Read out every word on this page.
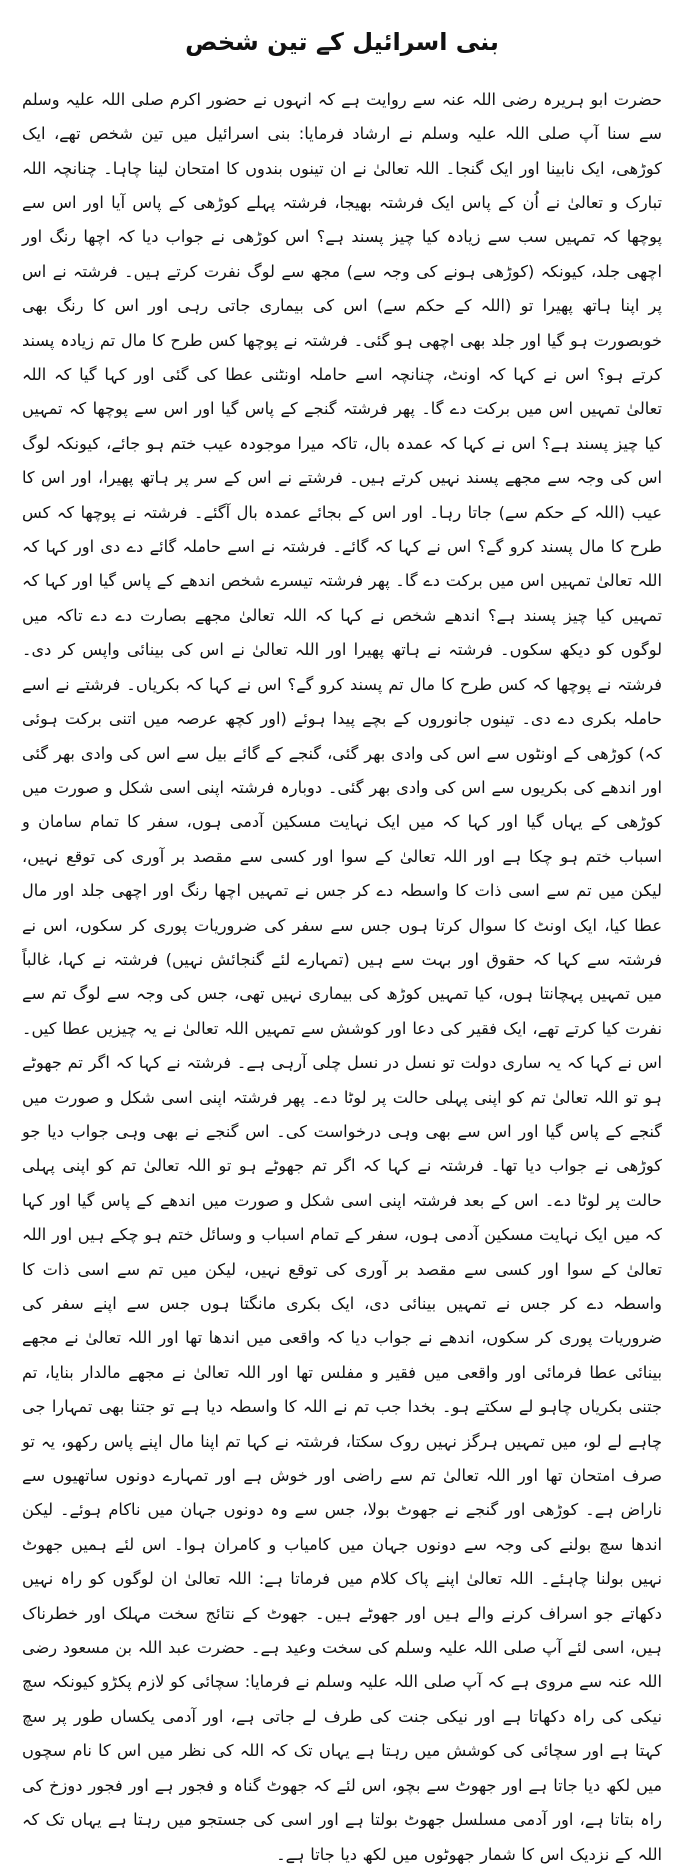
بنی اسرائیل کے تین شخص

حضرت ابو ہریرہ رضی اللہ عنہ سے روایت ہے کہ انہوں نے حضور اکرم صلی اللہ علیہ وسلم سے سنا آپ صلی اللہ علیہ وسلم نے ارشاد فرمایا: بنی اسرائیل میں تین شخص تھے، ایک کوڑھی، ایک نابینا اور ایک گنجا۔ اللہ تعالیٰ نے ان تینوں بندوں کا امتحان لینا چاہا۔ چنانچہ اللہ تبارک و تعالیٰ نے اُن کے پاس ایک فرشتہ بھیجا، فرشتہ پہلے کوڑھی کے پاس آیا اور اس سے پوچھا کہ تمہیں سب سے زیادہ کیا چیز پسند ہے؟ اس کوڑھی نے جواب دیا کہ اچھا رنگ اور اچھی جلد، کیونکہ (کوڑھی ہونے کی وجہ سے) مجھ سے لوگ نفرت کرتے ہیں۔ فرشتہ نے اس پر اپنا ہاتھ پھیرا تو (اللہ کے حکم سے) اس کی بیماری جاتی رہی اور اس کا رنگ بھی خوبصورت ہو گیا اور جلد بھی اچھی ہو گئی۔ فرشتہ نے پوچھا کس طرح کا مال تم زیادہ پسند کرتے ہو؟ اس نے کہا کہ اونٹ، چنانچہ اسے حاملہ اونٹنی عطا کی گئی اور کہا گیا کہ اللہ تعالیٰ تمہیں اس میں برکت دے گا۔ پھر فرشتہ گنجے کے پاس گیا اور اس سے پوچھا کہ تمہیں کیا چیز پسند ہے؟ اس نے کہا کہ عمدہ بال، تاکہ میرا موجودہ عیب ختم ہو جائے، کیونکہ لوگ اس کی وجہ سے مجھے پسند نہیں کرتے ہیں۔ فرشتے نے اس کے سر پر ہاتھ پھیرا، اور اس کا عیب (اللہ کے حکم سے) جاتا رہا۔ اور اس کے بجائے عمدہ بال آگئے۔ فرشتہ نے پوچھا کہ کس طرح کا مال پسند کرو گے؟ اس نے کہا کہ گائے۔ فرشتہ نے اسے حاملہ گائے دے دی اور کہا کہ اللہ تعالیٰ تمہیں اس میں برکت دے گا۔ پھر فرشتہ تیسرے شخص اندھے کے پاس گیا اور کہا کہ تمہیں کیا چیز پسند ہے؟ اندھے شخص نے کہا کہ اللہ تعالیٰ مجھے بصارت دے دے تاکہ میں لوگوں کو دیکھ سکوں۔ فرشتہ نے ہاتھ پھیرا اور اللہ تعالیٰ نے اس کی بینائی واپس کر دی۔ فرشتہ نے پوچھا کہ کس طرح کا مال تم پسند کرو گے؟ اس نے کہا کہ بکریاں۔ فرشتے نے اسے حاملہ بکری دے دی۔ تینوں جانوروں کے بچے پیدا ہوئے (اور کچھ عرصہ میں اتنی برکت ہوئی کہ) کوڑھی کے اونٹوں سے اس کی وادی بھر گئی، گنجے کے گائے بیل سے اس کی وادی بھر گئی اور اندھے کی بکریوں سے اس کی وادی بھر گئی۔ دوبارہ فرشتہ اپنی اسی شکل و صورت میں کوڑھی کے یہاں گیا اور کہا کہ میں ایک نہایت مسکین آدمی ہوں، سفر کا تمام سامان و اسباب ختم ہو چکا ہے اور اللہ تعالیٰ کے سوا اور کسی سے مقصد بر آوری کی توقع نہیں، لیکن میں تم سے اسی ذات کا واسطہ دے کر جس نے تمہیں اچھا رنگ اور اچھی جلد اور مال عطا کیا، ایک اونٹ کا سوال کرتا ہوں جس سے سفر کی ضروریات پوری کر سکوں، اس نے فرشتہ سے کہا کہ حقوق اور بہت سے ہیں (تمہارے لئے گنجائش نہیں) فرشتہ نے کہا، غالباً میں تمہیں پہچانتا ہوں، کیا تمہیں کوڑھ کی بیماری نہیں تھی، جس کی وجہ سے لوگ تم سے نفرت کیا کرتے تھے، ایک فقیر کی دعا اور کوشش سے تمہیں اللہ تعالیٰ نے یہ چیزیں عطا کیں۔ اس نے کہا کہ یہ ساری دولت تو نسل در نسل چلی آرہی ہے۔ فرشتہ نے کہا کہ اگر تم جھوٹے ہو تو اللہ تعالیٰ تم کو اپنی پہلی حالت پر لوٹا دے۔ پھر فرشتہ اپنی اسی شکل و صورت میں گنجے کے پاس گیا اور اس سے بھی وہی درخواست کی۔ اس گنجے نے بھی وہی جواب دیا جو کوڑھی نے جواب دیا تھا۔ فرشتہ نے کہا کہ اگر تم جھوٹے ہو تو اللہ تعالیٰ تم کو اپنی پہلی حالت پر لوٹا دے۔ اس کے بعد فرشتہ اپنی اسی شکل و صورت میں اندھے کے پاس گیا اور کہا کہ میں ایک نہایت مسکین آدمی ہوں، سفر کے تمام اسباب و وسائل ختم ہو چکے ہیں اور اللہ تعالیٰ کے سوا اور کسی سے مقصد بر آوری کی توقع نہیں، لیکن میں تم سے اسی ذات کا واسطہ دے کر جس نے تمہیں بینائی دی، ایک بکری مانگتا ہوں جس سے اپنے سفر کی ضروریات پوری کر سکوں، اندھے نے جواب دیا کہ واقعی میں اندھا تھا اور اللہ تعالیٰ نے مجھے بینائی عطا فرمائی اور واقعی میں فقیر و مفلس تھا اور اللہ تعالیٰ نے مجھے مالدار بنایا، تم جتنی بکریاں چاہو لے سکتے ہو۔ بخدا جب تم نے اللہ کا واسطہ دیا ہے تو جتنا بھی تمہارا جی چاہے لے لو، میں تمہیں ہرگز نہیں روک سکتا، فرشتہ نے کہا تم اپنا مال اپنے پاس رکھو، یہ تو صرف امتحان تھا اور اللہ تعالیٰ تم سے راضی اور خوش ہے اور تمہارے دونوں ساتھیوں سے ناراض ہے۔ کوڑھی اور گنجے نے جھوٹ بولا، جس سے وہ دونوں جہان میں ناکام ہوئے۔ لیکن اندھا سچ بولنے کی وجہ سے دونوں جہان میں کامیاب و کامران ہوا۔ اس لئے ہمیں جھوٹ نہیں بولنا چاہئے۔ اللہ تعالیٰ اپنے پاک کلام میں فرماتا ہے: اللہ تعالیٰ ان لوگوں کو راہ نہیں دکھاتے جو اسراف کرنے والے ہیں اور جھوٹے ہیں۔ جھوٹ کے نتائج سخت مہلک اور خطرناک ہیں، اسی لئے آپ صلی اللہ علیہ وسلم کی سخت وعید ہے۔ حضرت عبد اللہ بن مسعود رضی اللہ عنہ سے مروی ہے کہ آپ صلی اللہ علیہ وسلم نے فرمایا: سچائی کو لازم پکڑو کیونکہ سچ نیکی کی راہ دکھاتا ہے اور نیکی جنت کی طرف لے جاتی ہے، اور آدمی یکساں طور پر سچ کہتا ہے اور سچائی کی کوشش میں رہتا ہے یہاں تک کہ اللہ کی نظر میں اس کا نام سچوں میں لکھ دیا جاتا ہے اور جھوٹ سے بچو، اس لئے کہ جھوٹ گناہ و فجور ہے اور فجور دوزخ کی راہ بتاتا ہے، اور آدمی مسلسل جھوٹ بولتا ہے اور اسی کی جستجو میں رہتا ہے یہاں تک کہ اللہ کے نزدیک اس کا شمار جھوٹوں میں لکھ دیا جاتا ہے۔
